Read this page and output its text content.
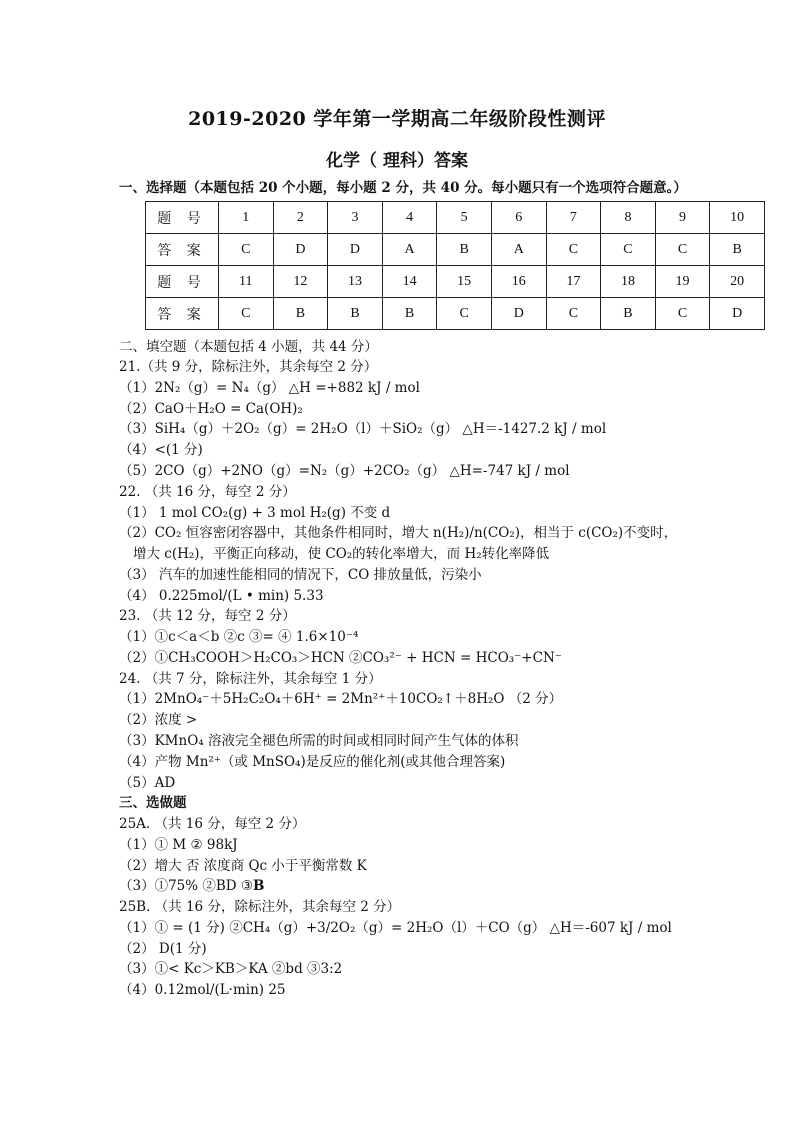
2019-2020 学年第一学期高二年级阶段性测评
化学（ 理科）答案
一、选择题（本题包括 20 个小题，每小题 2 分，共 40 分。每小题只有一个选项符合题意。）
题 号	1	2	3	4	5	6	7	8	9	10
答 案	C	D	D	A	B	A	C	C	C	B
题 号	11	12	13	14	15	16	17	18	19	20
答 案	C	B	B	B	C	D	C	B	C	D
二、填空题（本题包括 4 小题，共 44 分）
21.（共 9 分，除标注外，其余每空 2 分）
（1）2N₂（g）= N₄（g） △H =+882 kJ / mol
（2）CaO＋H₂O = Ca(OH)₂
（3）SiH₄（g）＋2O₂（g）= 2H₂O（l）＋SiO₂（g） △H＝-1427.2 kJ / mol
（4）<(1 分)
（5）2CO（g）+2NO（g）=N₂（g）+2CO₂（g） △H=-747 kJ / mol
22. （共 16 分，每空 2 分）
（1） 1 mol CO₂(g) + 3 mol H₂(g) 不变 d
（2）CO₂ 恒容密闭容器中，其他条件相同时，增大 n(H₂)/n(CO₂)，相当于 c(CO₂)不变时，
增大 c(H₂)，平衡正向移动，使 CO₂的转化率增大，而 H₂转化率降低
（3） 汽车的加速性能相同的情况下，CO 排放量低，污染小
（4） 0.225mol/(L • min) 5.33
23. （共 12 分，每空 2 分）
（1）①c＜a＜b ②c ③= ④ 1.6×10⁻⁴
（2）①CH₃COOH＞H₂CO₃＞HCN ②CO₃²⁻ + HCN = HCO₃⁻+CN⁻
24. （共 7 分，除标注外，其余每空 1 分）
（1）2MnO₄⁻＋5H₂C₂O₄＋6H⁺ = 2Mn²⁺＋10CO₂↑＋8H₂O （2 分）
（2）浓度 >
（3）KMnO₄ 溶液完全褪色所需的时间或相同时间产生气体的体积
（4）产物 Mn²⁺（或 MnSO₄)是反应的催化剂(或其他合理答案)
（5）AD
三、选做题
25A. （共 16 分，每空 2 分）
（1）① M ② 98kJ
（2）增大 否 浓度商 Qc 小于平衡常数 K
（3）①75% ②BD ③B
25B. （共 16 分，除标注外，其余每空 2 分）
（1）① = (1 分) ②CH₄（g）+3/2O₂（g）= 2H₂O（l）＋CO（g） △H＝-607 kJ / mol
（2） D(1 分)
（3）①< Kc＞KB＞KA ②bd ③3:2
（4）0.12mol/(L·min) 25
